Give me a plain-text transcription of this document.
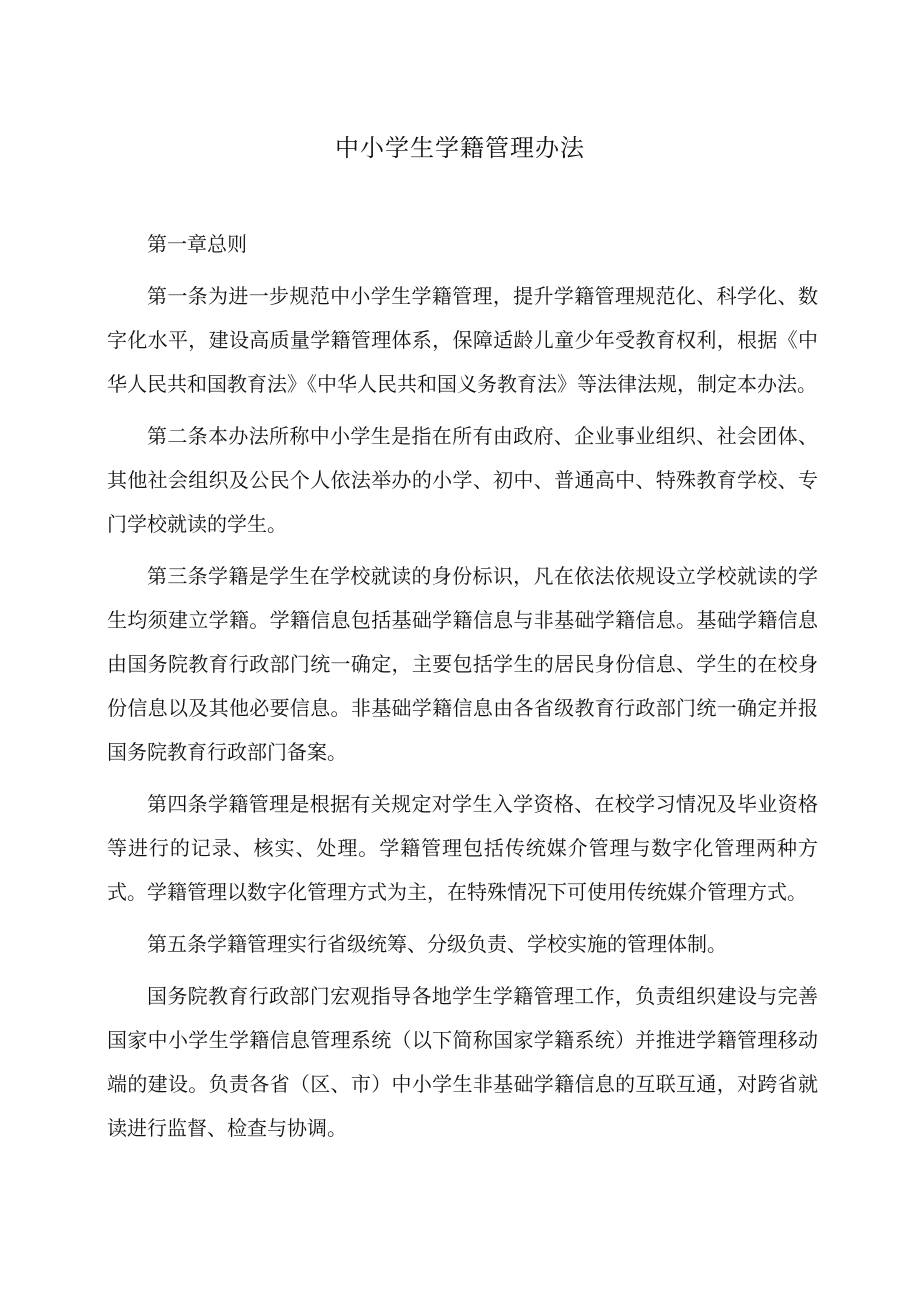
中小学生学籍管理办法

第一章总则

第一条为进一步规范中小学生学籍管理，提升学籍管理规范化、科学化、数字化水平，建设高质量学籍管理体系，保障适龄儿童少年受教育权利，根据《中华人民共和国教育法》《中华人民共和国义务教育法》等法律法规，制定本办法。

第二条本办法所称中小学生是指在所有由政府、企业事业组织、社会团体、其他社会组织及公民个人依法举办的小学、初中、普通高中、特殊教育学校、专门学校就读的学生。

第三条学籍是学生在学校就读的身份标识，凡在依法依规设立学校就读的学生均须建立学籍。学籍信息包括基础学籍信息与非基础学籍信息。基础学籍信息由国务院教育行政部门统一确定，主要包括学生的居民身份信息、学生的在校身份信息以及其他必要信息。非基础学籍信息由各省级教育行政部门统一确定并报国务院教育行政部门备案。

第四条学籍管理是根据有关规定对学生入学资格、在校学习情况及毕业资格等进行的记录、核实、处理。学籍管理包括传统媒介管理与数字化管理两种方式。学籍管理以数字化管理方式为主，在特殊情况下可使用传统媒介管理方式。

第五条学籍管理实行省级统筹、分级负责、学校实施的管理体制。

国务院教育行政部门宏观指导各地学生学籍管理工作，负责组织建设与完善国家中小学生学籍信息管理系统（以下简称国家学籍系统）并推进学籍管理移动端的建设。负责各省（区、市）中小学生非基础学籍信息的互联互通，对跨省就读进行监督、检查与协调。
